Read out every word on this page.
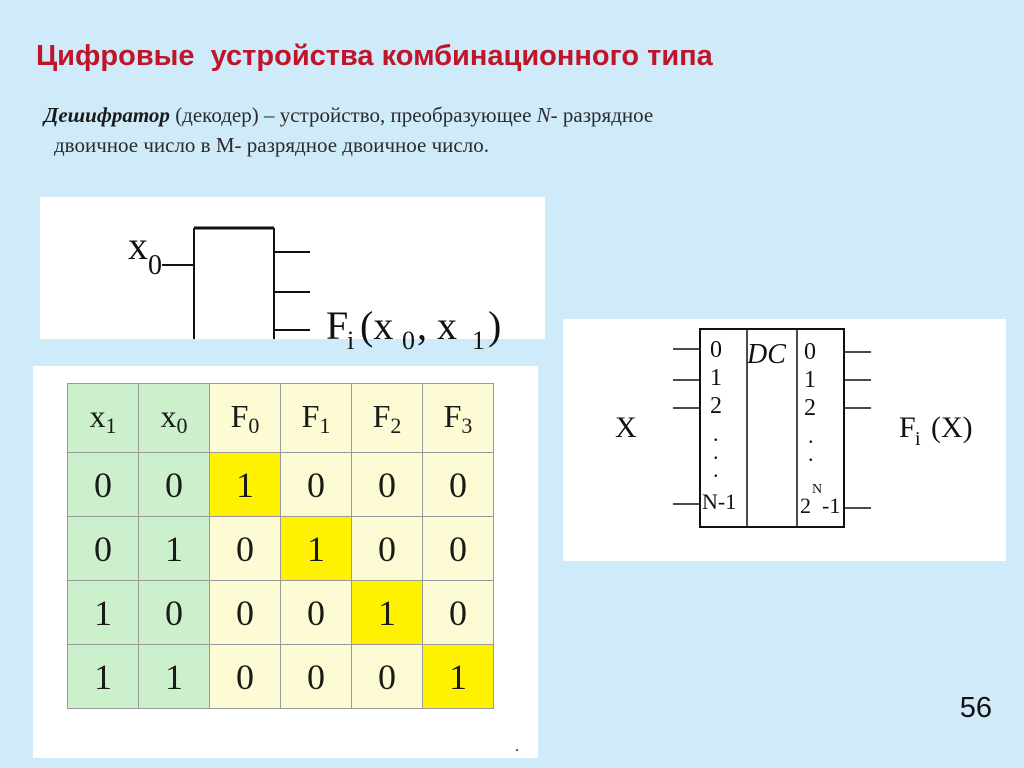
Цифровые  устройства комбинационного типа
Дешифратор (декодер) – устройство, преобразующее N- разрядное
двоичное число в М- разрядное двоичное число.
x 0
F
i (x 0 , x 1 )
$x_1$	$x_0$	$F_0$	$F_1$	$F_2$	$F_3$
0	0	1	0	0	0
0	1	0	1	0	0
1	0	0	0	1	0
1	1	0	0	0	1
X
DC
0
1
2
.
.
.
N-1
0
1
2
.
.
2
N
-1
F i (X)
.
56
